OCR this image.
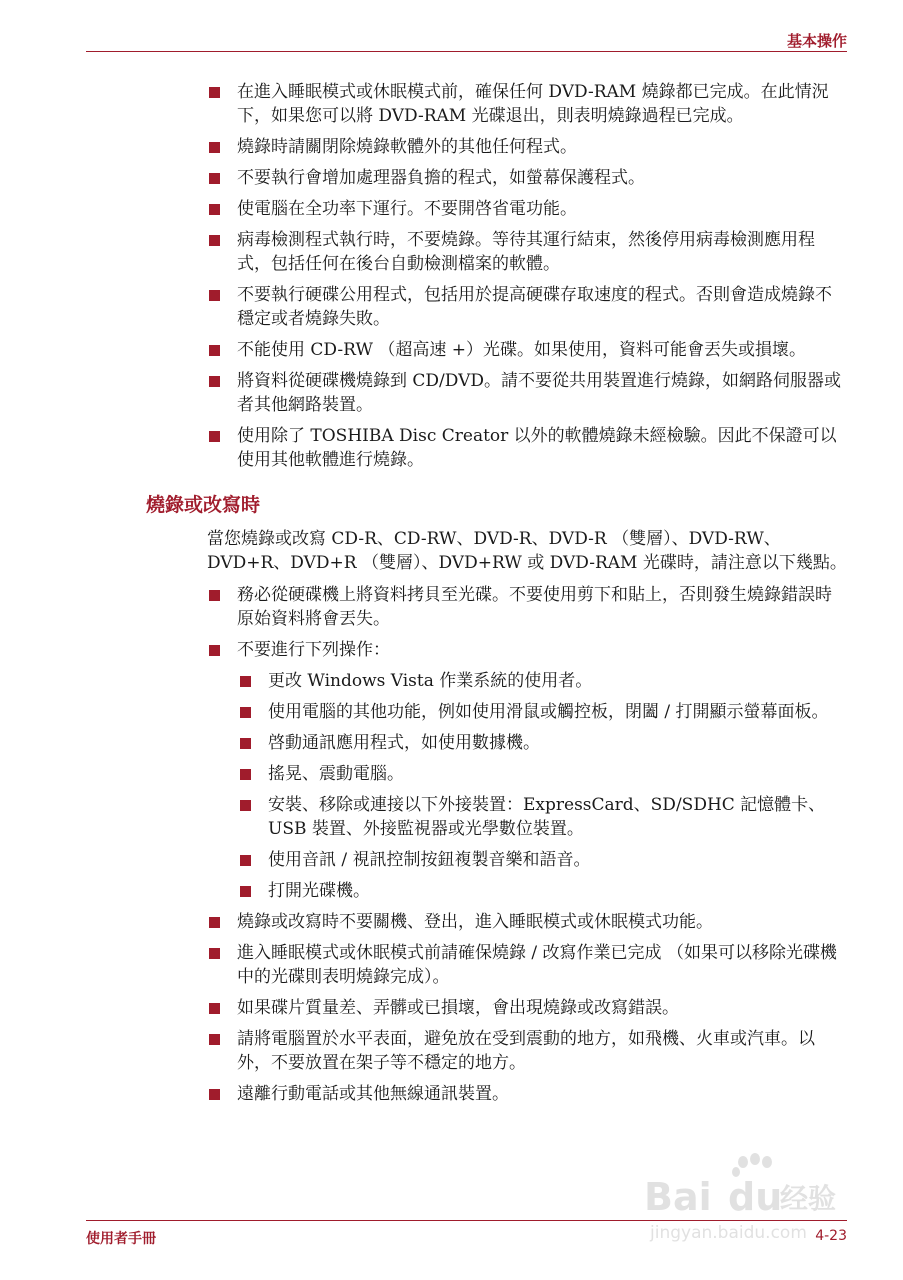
基本操作
在進入睡眠模式或休眠模式前，確保任何 DVD-RAM 燒錄都已完成。在此情況下，如果您可以將 DVD-RAM 光碟退出，則表明燒錄過程已完成。
燒錄時請關閉除燒錄軟體外的其他任何程式。
不要執行會增加處理器負擔的程式，如螢幕保護程式。
使電腦在全功率下運行。不要開啓省電功能。
病毒檢測程式執行時，不要燒錄。等待其運行結束，然後停用病毒檢測應用程式，包括任何在後台自動檢測檔案的軟體。
不要執行硬碟公用程式，包括用於提高硬碟存取速度的程式。否則會造成燒錄不穩定或者燒錄失敗。
不能使用 CD-RW （超高速 +）光碟。如果使用，資料可能會丟失或損壞。
將資料從硬碟機燒錄到 CD/DVD。請不要從共用裝置進行燒錄，如網路伺服器或者其他網路裝置。
使用除了 TOSHIBA Disc Creator 以外的軟體燒錄未經檢驗。因此不保證可以使用其他軟體進行燒錄。
燒錄或改寫時

當您燒錄或改寫 CD-R、CD-RW、DVD-R、DVD-R （雙層）、DVD-RW、DVD+R、DVD+R （雙層）、DVD+RW 或 DVD-RAM 光碟時，請注意以下幾點。

務必從硬碟機上將資料拷貝至光碟。不要使用剪下和貼上，否則發生燒錄錯誤時原始資料將會丟失。
不要進行下列操作：
更改 Windows Vista 作業系統的使用者。
使用電腦的其他功能，例如使用滑鼠或觸控板，閉闔 / 打開顯示螢幕面板。
啓動通訊應用程式，如使用數據機。
搖晃、震動電腦。
安裝、移除或連接以下外接裝置：ExpressCard、SD/SDHC 記憶體卡、USB 裝置、外接監視器或光學數位裝置。
使用音訊 / 視訊控制按鈕複製音樂和語音。
打開光碟機。
燒錄或改寫時不要關機、登出，進入睡眠模式或休眠模式功能。
進入睡眠模式或休眠模式前請確保燒錄 / 改寫作業已完成 （如果可以移除光碟機中的光碟則表明燒錄完成）。
如果碟片質量差、弄髒或已損壞，會出現燒錄或改寫錯誤。
請將電腦置於水平表面，避免放在受到震動的地方，如飛機、火車或汽車。以外，不要放置在架子等不穩定的地方。
遠離行動電話或其他無線通訊裝置。
Bai du
经验
jingyan.baidu.com
使用者手冊	4-23
